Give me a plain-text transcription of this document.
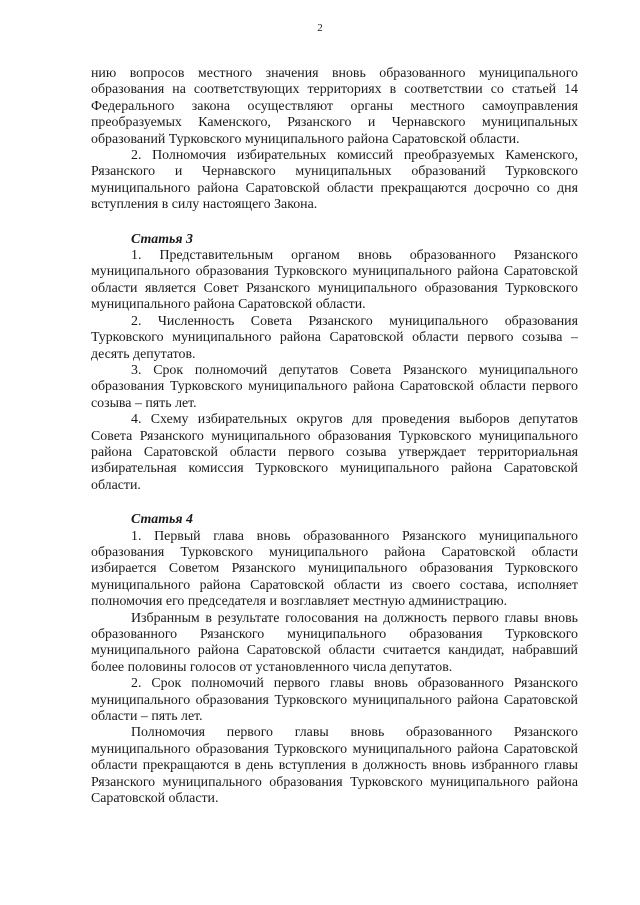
2

нию вопросов местного значения вновь образованного муниципального образования на соответствующих территориях в соответствии со статьей 14 Федерального закона осуществляют органы местного самоуправления преобразуемых Каменского, Рязанского и Чернавского муниципальных образований Турковского муниципального района Саратовской области.

2. Полномочия избирательных комиссий преобразуемых Каменского, Рязанского и Чернавского муниципальных образований Турковского муниципального района Саратовской области прекращаются досрочно со дня вступления в силу настоящего Закона.

Статья 3

1. Представительным органом вновь образованного Рязанского муниципального образования Турковского муниципального района Саратовской области является Совет Рязанского муниципального образования Турковского муниципального района Саратовской области.

2. Численность Совета Рязанского муниципального образования Турковского муниципального района Саратовской области первого созыва – десять депутатов.

3. Срок полномочий депутатов Совета Рязанского муниципального образования Турковского муниципального района Саратовской области первого созыва – пять лет.

4. Схему избирательных округов для проведения выборов депутатов Совета Рязанского муниципального образования Турковского муниципального района Саратовской области первого созыва утверждает территориальная избирательная комиссия Турковского муниципального района Саратовской области.

Статья 4

1. Первый глава вновь образованного Рязанского муниципального образования Турковского муниципального района Саратовской области избирается Советом Рязанского муниципального образования Турковского муниципального района Саратовской области из своего состава, исполняет полномочия его председателя и возглавляет местную администрацию.

Избранным в результате голосования на должность первого главы вновь образованного Рязанского муниципального образования Турковского муниципального района Саратовской области считается кандидат, набравший более половины голосов от установленного числа депутатов.

2. Срок полномочий первого главы вновь образованного Рязанского муниципального образования Турковского муниципального района Саратовской области – пять лет.

Полномочия первого главы вновь образованного Рязанского муниципального образования Турковского муниципального района Саратовской области прекращаются в день вступления в должность вновь избранного главы Рязанского муниципального образования Турковского муниципального района Саратовской области.
